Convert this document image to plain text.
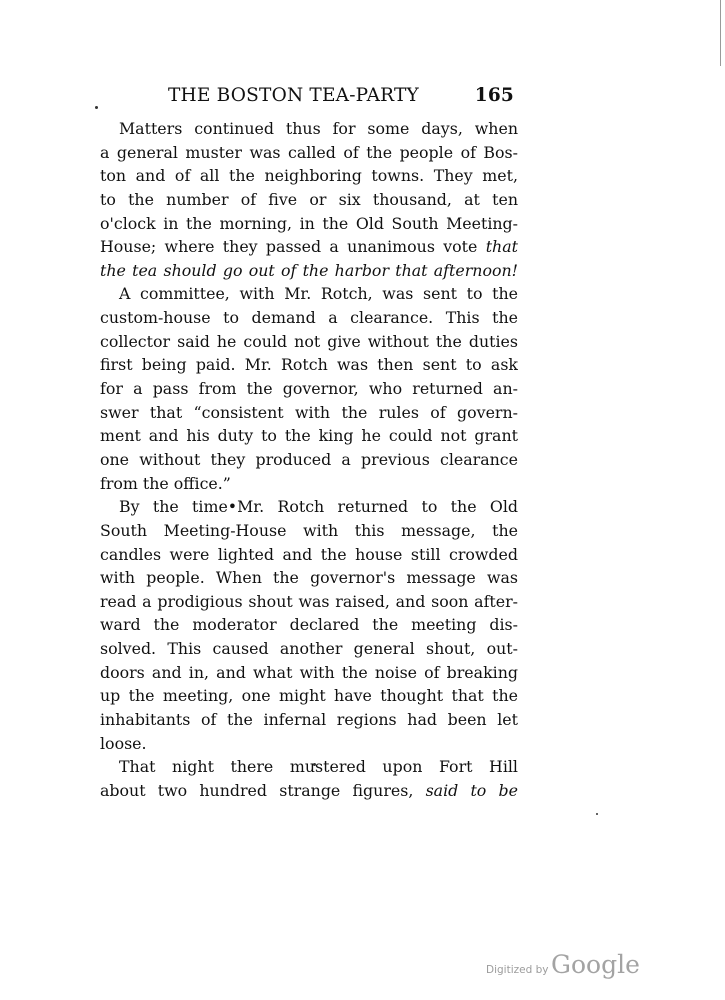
THE BOSTON TEA-PARTY	165
Matters continued thus for some days, when
a general muster was called of the people of Bos-
ton and of all the neighboring towns. They met,
to the number of five or six thousand, at ten
o'clock in the morning, in the Old South Meeting-
House; where they passed a unanimous vote that
the tea should go out of the harbor that afternoon!
A committee, with Mr. Rotch, was sent to the
custom-house to demand a clearance. This the
collector said he could not give without the duties
first being paid. Mr. Rotch was then sent to ask
for a pass from the governor, who returned an-
swer that “consistent with the rules of govern-
ment and his duty to the king he could not grant
one without they produced a previous clearance
from the office.”
By the time•Mr. Rotch returned to the Old
South Meeting-House with this message, the
candles were lighted and the house still crowded
with people. When the governor's message was
read a prodigious shout was raised, and soon after-
ward the moderator declared the meeting dis-
solved. This caused another general shout, out-
doors and in, and what with the noise of breaking
up the meeting, one might have thought that the
inhabitants of the infernal regions had been let
loose.
That night there mustered upon Fort Hill
about two hundred strange figures, said to be
Digitized by Google
